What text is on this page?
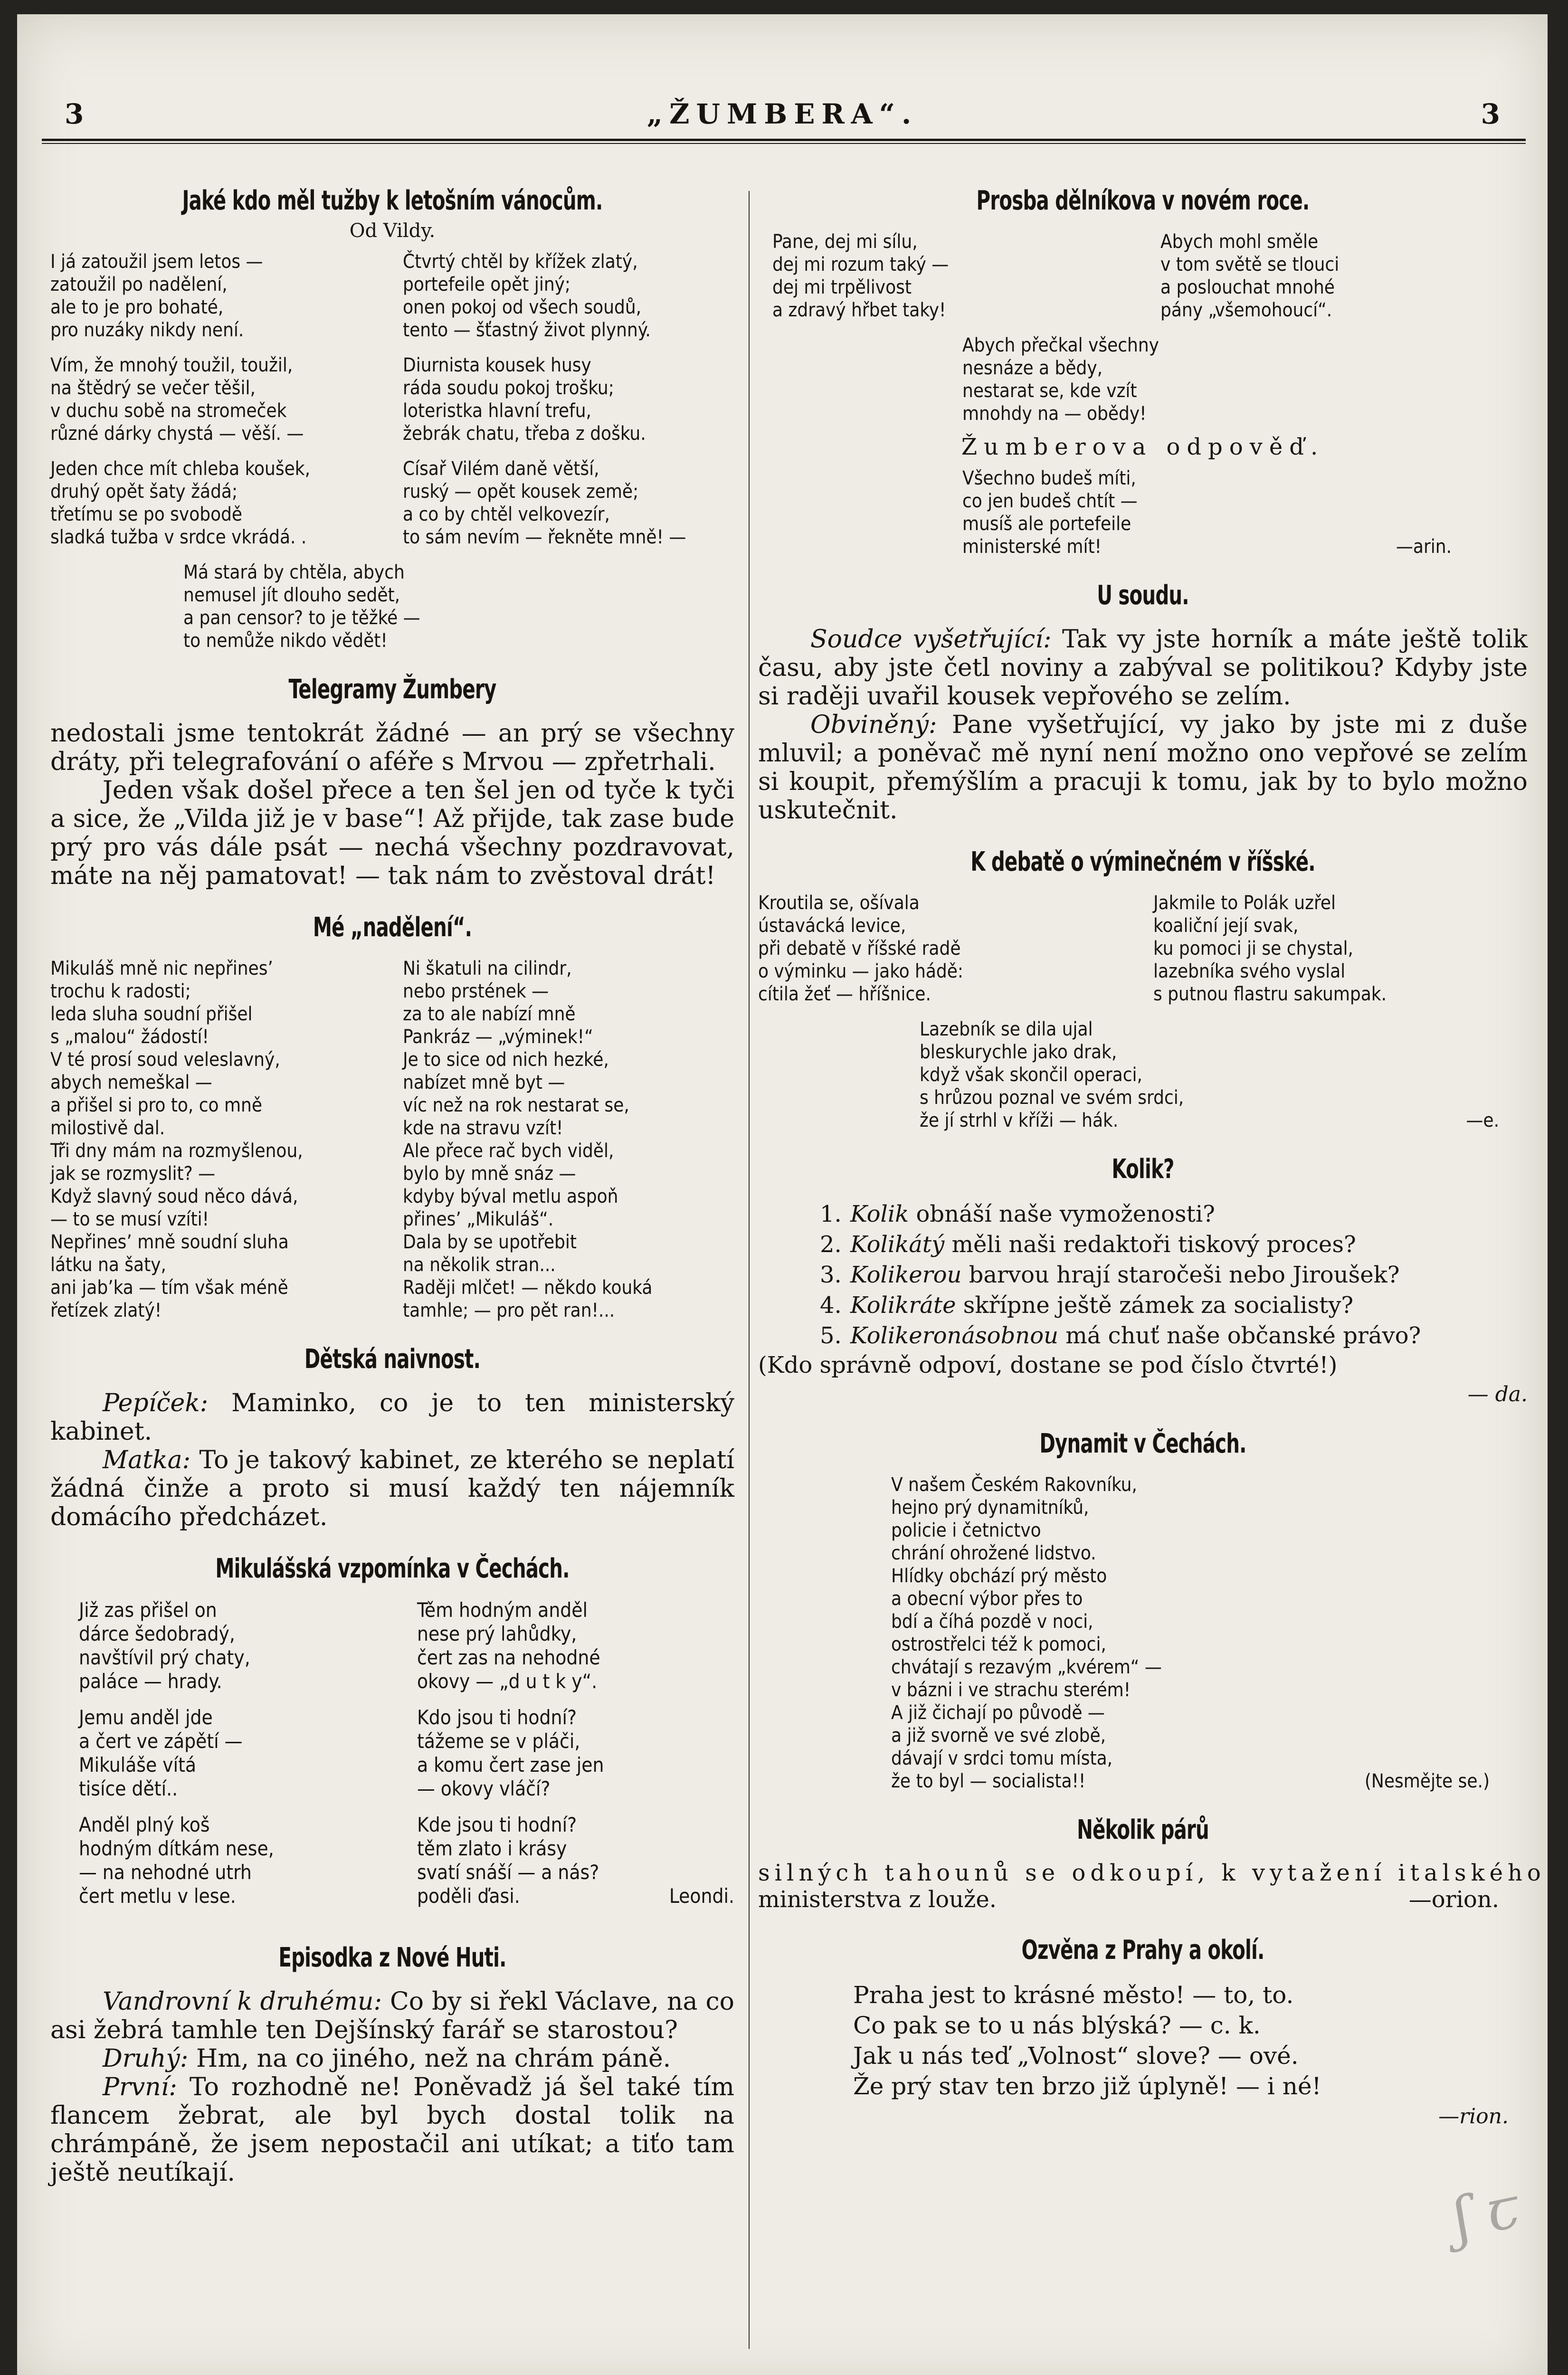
3	„ŽUMBERA“.	3
Jaké kdo měl tužby k letošním vánocům.
Od Vildy.
I já zatoužil jsem letos —
zatoužil po nadělení,
ale to je pro bohaté,
pro nuzáky nikdy není.
Vím, že mnohý toužil, toužil,
na štědrý se večer těšil,
v duchu sobě na stromeček
různé dárky chystá — věší. —
Jeden chce mít chleba koušek,
druhý opět šaty žádá;
třetímu se po svobodě
sladká tužba v srdce vkrádá. .
Čtvrtý chtěl by křížek zlatý,
portefeile opět jiný;
onen pokoj od všech soudů,
tento — šťastný život plynný.
Diurnista kousek husy
ráda soudu pokoj trošku;
loteristka hlavní trefu,
žebrák chatu, třeba z došku.
Císař Vilém daně větší,
ruský — opět kousek země;
a co by chtěl velkovezír,
to sám nevím — řekněte mně! —
Má stará by chtěla, abych
nemusel jít dlouho sedět,
a pan censor? to je těžké —
to nemůže nikdo vědět!
Telegramy Žumbery

nedostali jsme tentokrát žádné — an prý se všechny dráty, při telegrafování o aféře s Mrvou — zpřetrhali.

Jeden však došel přece a ten šel jen od tyče k tyči a sice, že „Vilda již je v base“! Až přijde, tak zase bude prý pro vás dále psát — nechá všechny pozdravovat, máte na něj pamatovat! — tak nám to zvěstoval drát!

Mé „nadělení“.
Mikuláš mně nic nepřines’
trochu k radosti;
leda sluha soudní přišel
s „malou“ žádostí!
V té prosí soud veleslavný,
abych nemeškal —
a přišel si pro to, co mně
milostivě dal.
Tři dny mám na rozmyšlenou,
jak se rozmyslit? —
Když slavný soud něco dává,
— to se musí vzíti!
Nepřines’ mně soudní sluha
látku na šaty,
ani jab’ka — tím však méně
řetízek zlatý!
Ni škatuli na cilindr,
nebo prstének —
za to ale nabízí mně
Pankráz — „výminek!“
Je to sice od nich hezké,
nabízet mně byt —
víc než na rok nestarat se,
kde na stravu vzít!
Ale přece rač bych viděl,
bylo by mně snáz —
kdyby býval metlu aspoň
přines’ „Mikuláš“.
Dala by se upotřebit
na několik stran...
Raději mlčet! — někdo kouká
tamhle; — pro pět ran!...
Dětská naivnost.

Pepíček: Maminko, co je to ten ministerský kabinet.

Matka: To je takový kabinet, ze kterého se neplatí žádná činže a proto si musí každý ten nájemník domácího předcházet.

Mikulášská vzpomínka v Čechách.
Již zas přišel on
dárce šedobradý,
navštívil prý chaty,
paláce — hrady.
Jemu anděl jde
a čert ve zápětí —
Mikuláše vítá
tisíce dětí..
Anděl plný koš
hodným dítkám nese,
— na nehodné utrh
čert metlu v lese.
Těm hodným anděl
nese prý lahůdky,
čert zas na nehodné
okovy — „d u t k y“.
Kdo jsou ti hodní?
tážeme se v pláči,
a komu čert zase jen
— okovy vláčí?
Kde jsou ti hodní?
těm zlato i krásy
svatí snáší — a nás?
poděli ďasi.	Leondi.
Episodka z Nové Huti.

Vandrovní k druhému: Co by si řekl Václave, na co asi žebrá tamhle ten Dejšínský farář se starostou?

Druhý: Hm, na co jiného, než na chrám páně.

První: To rozhodně ne! Poněvadž já šel také tím flancem žebrat, ale byl bych dostal tolik na chrámpáně, že jsem nepostačil ani utíkat; a tiťo tam ještě neutíkají.

Prosba dělníkova v novém roce.
Pane, dej mi sílu,
dej mi rozum taký —
dej mi trpělivost
a zdravý hřbet taky!
Abych mohl směle
v tom světě se tlouci
a poslouchat mnohé
pány „všemohoucí“.
Abych přečkal všechny
nesnáze a bědy,
nestarat se, kde vzít
mnohdy na — obědy!
Žumberova odpověď.
Všechno budeš míti,
co jen budeš chtít —
musíš ale portefeile
ministerské mít!	—arin.
U soudu.

Soudce vyšetřující: Tak vy jste horník a máte ještě tolik času, aby jste četl noviny a zabýval se politikou? Kdyby jste si raději uvařil kousek vepřového se zelím.

Obviněný: Pane vyšetřující, vy jako by jste mi z duše mluvil; a poněvač mě nyní není možno ono vepřové se zelím si koupit, přemýšlím a pracuji k tomu, jak by to bylo možno uskutečnit.

K debatě o výminečném v říšské.
Kroutila se, ošívala
ústavácká levice,
při debatě v říšské radě
o výminku — jako hádě:
cítila žeť — hříšnice.
Jakmile to Polák uzřel
koaliční její svak,
ku pomoci ji se chystal,
lazebníka svého vyslal
s putnou flastru sakumpak.
Lazebník se dila ujal
bleskurychle jako drak,
když však skončil operaci,
s hrůzou poznal ve svém srdci,
že jí strhl v kříži — hák.	—e.
Kolik?
1. Kolik obnáší naše vymoženosti?
2. Kolikátý měli naši redaktoři tiskový proces?
3. Kolikerou barvou hrají staročeši nebo Jiroušek?
4. Kolikráte skřípne ještě zámek za socialisty?
5. Kolikeronásobnou má chuť naše občanské právo?
(Kdo správně odpoví, dostane se pod číslo čtvrté!)
— da.
Dynamit v Čechách.
V našem Českém Rakovníku,
hejno prý dynamitníků,
policie i četnictvo
chrání ohrožené lidstvo.
Hlídky obchází prý město
a obecní výbor přes to
bdí a číhá pozdě v noci,
ostrostřelci též k pomoci,
chvátají s rezavým „kvérem“ —
v bázni i ve strachu sterém!
A již čichají po původě —
a již svorně ve své zlobě,
dávají v srdci tomu místa,
že to byl — socialista!!	(Nesmějte se.)
Několik párů
silných tahounů se odkoupí, k vytažení italského
ministerstva z louže.	—orion.
Ozvěna z Prahy a okolí.
Praha jest to krásné město! — to, to.
Co pak se to u nás blýská? — c. k.
Jak u nás teď „Volnost“ slove? — ové.
Že prý stav ten brzo již úplyně! — i né!
—rion.
ʃ ꞇ
